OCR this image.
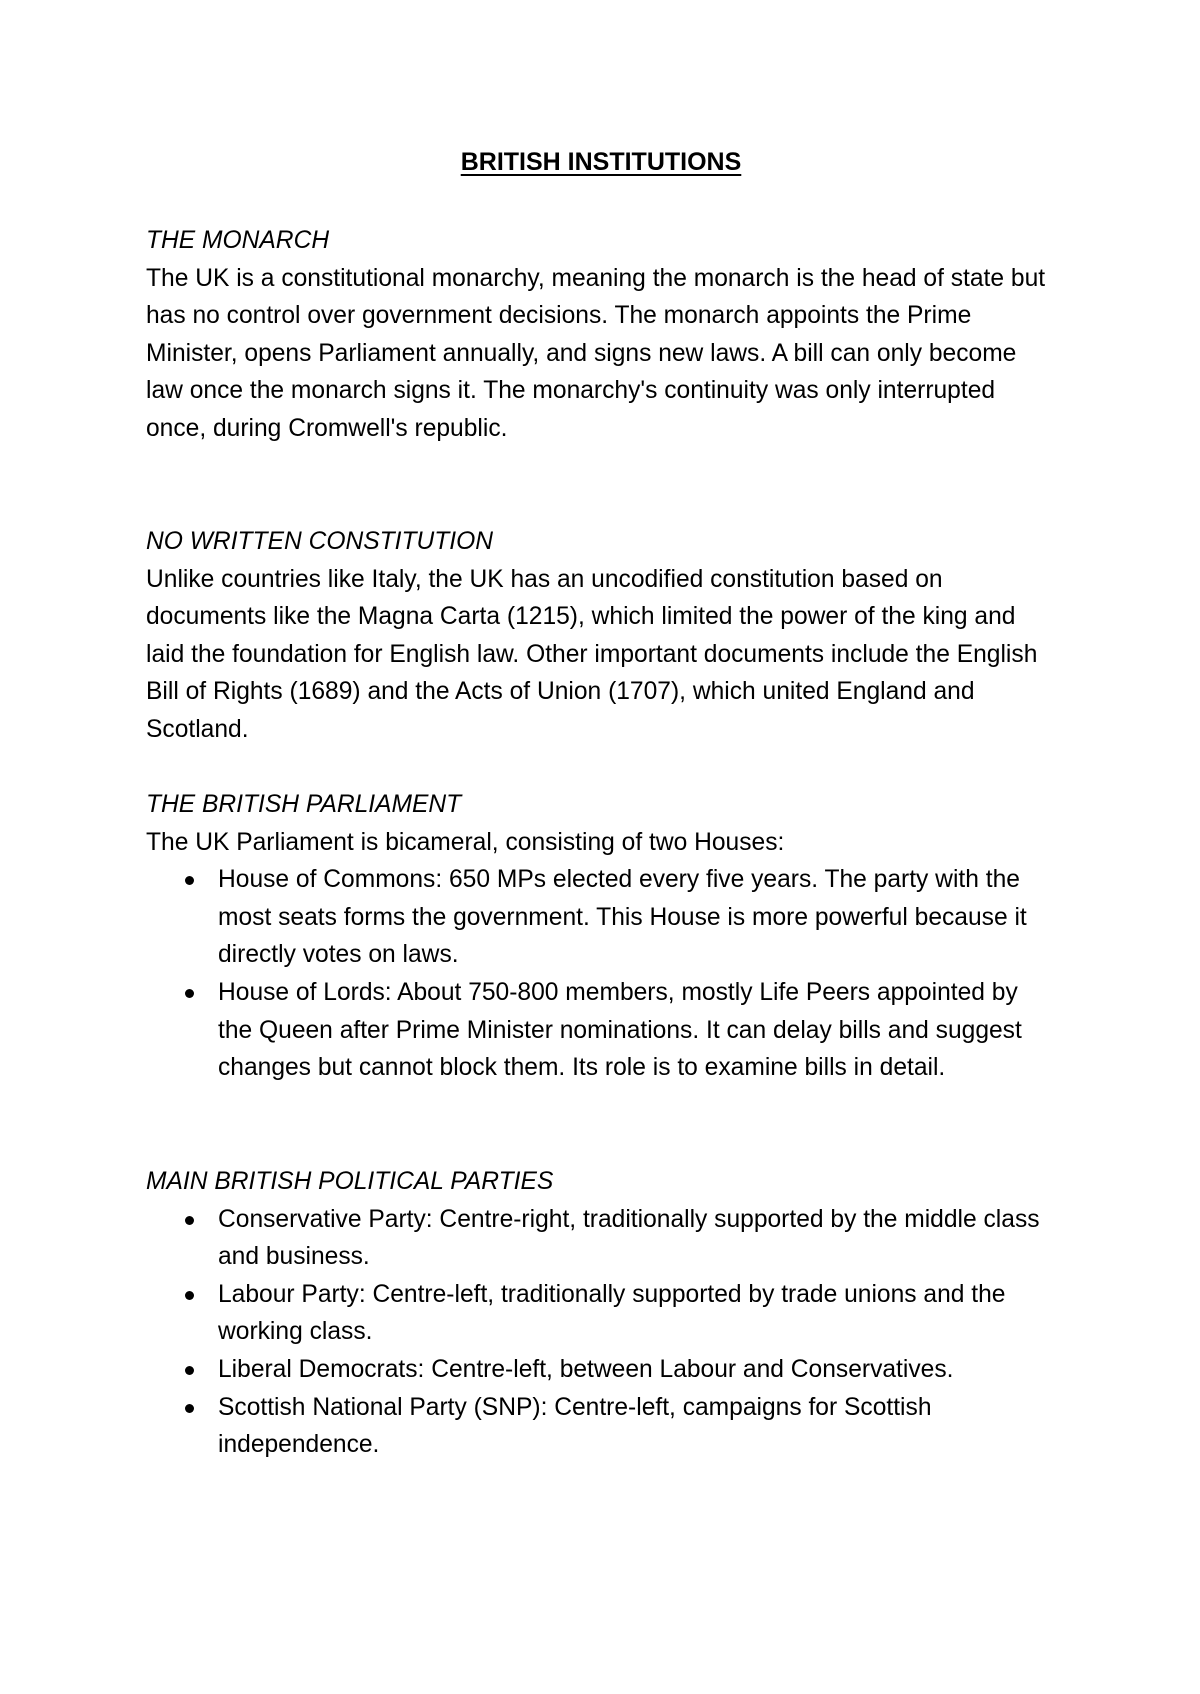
BRITISH INSTITUTIONS
THE MONARCH

The UK is a constitutional monarchy, meaning the monarch is the head of state but has no control over government decisions. The monarch appoints the Prime Minister, opens Parliament annually, and signs new laws. A bill can only become law once the monarch signs it. The monarchy's continuity was only interrupted once, during Cromwell's republic.

NO WRITTEN CONSTITUTION

Unlike countries like Italy, the UK has an uncodified constitution based on documents like the Magna Carta (1215), which limited the power of the king and laid the foundation for English law. Other important documents include the English Bill of Rights (1689) and the Acts of Union (1707), which united England and Scotland.

THE BRITISH PARLIAMENT

The UK Parliament is bicameral, consisting of two Houses:

House of Commons: 650 MPs elected every five years. The party with the most seats forms the government. This House is more powerful because it directly votes on laws.
House of Lords: About 750-800 members, mostly Life Peers appointed by the Queen after Prime Minister nominations. It can delay bills and suggest changes but cannot block them. Its role is to examine bills in detail.
MAIN BRITISH POLITICAL PARTIES
Conservative Party: Centre-right, traditionally supported by the middle class and business.
Labour Party: Centre-left, traditionally supported by trade unions and the working class.
Liberal Democrats: Centre-left, between Labour and Conservatives.
Scottish National Party (SNP): Centre-left, campaigns for Scottish independence.
